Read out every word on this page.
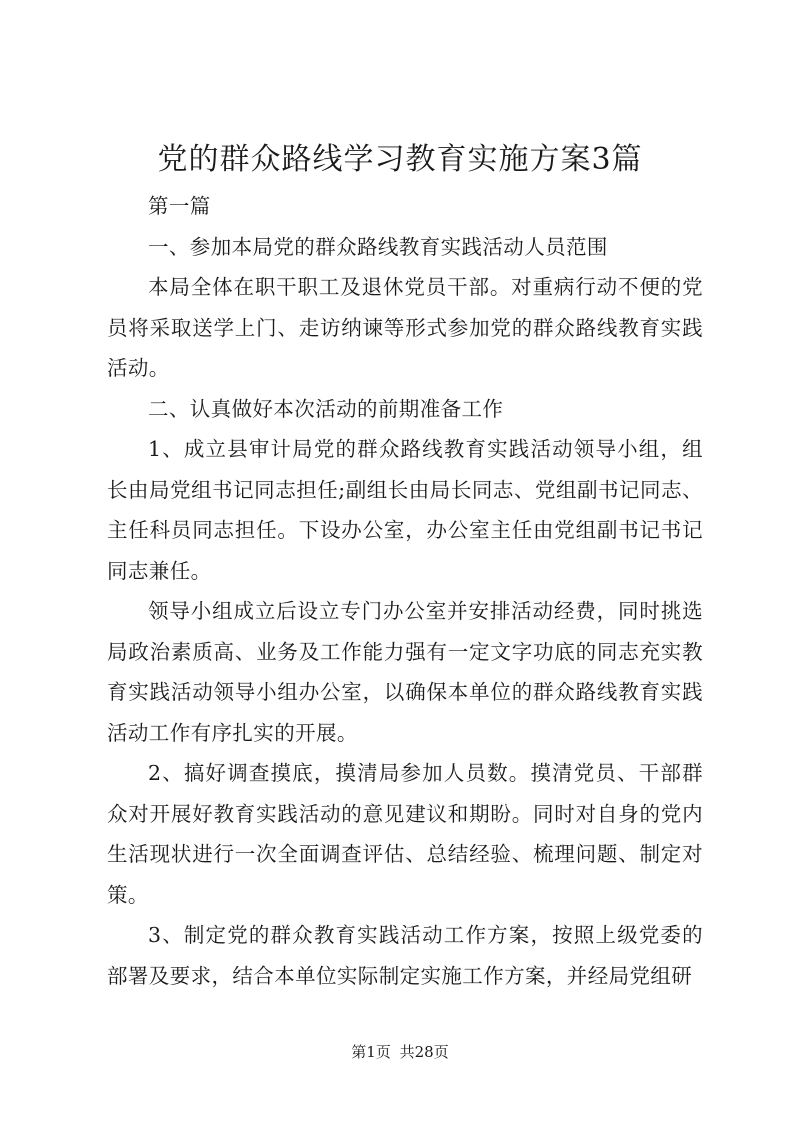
党的群众路线学习教育实施方案3篇

第一篇

一、参加本局党的群众路线教育实践活动人员范围

本局全体在职干职工及退休党员干部。对重病行动不便的党员将采取送学上门、走访纳谏等形式参加党的群众路线教育实践活动。

二、认真做好本次活动的前期准备工作

1、成立县审计局党的群众路线教育实践活动领导小组，组长由局党组书记同志担任;副组长由局长同志、党组副书记同志、主任科员同志担任。下设办公室，办公室主任由党组副书记书记同志兼任。

领导小组成立后设立专门办公室并安排活动经费，同时挑选局政治素质高、业务及工作能力强有一定文字功底的同志充实教育实践活动领导小组办公室，以确保本单位的群众路线教育实践活动工作有序扎实的开展。

2、搞好调查摸底，摸清局参加人员数。摸清党员、干部群众对开展好教育实践活动的意见建议和期盼。同时对自身的党内生活现状进行一次全面调查评估、总结经验、梳理问题、制定对策。

3、制定党的群众教育实践活动工作方案，按照上级党委的部署及要求，结合本单位实际制定实施工作方案，并经局党组研

第1页 共28页
